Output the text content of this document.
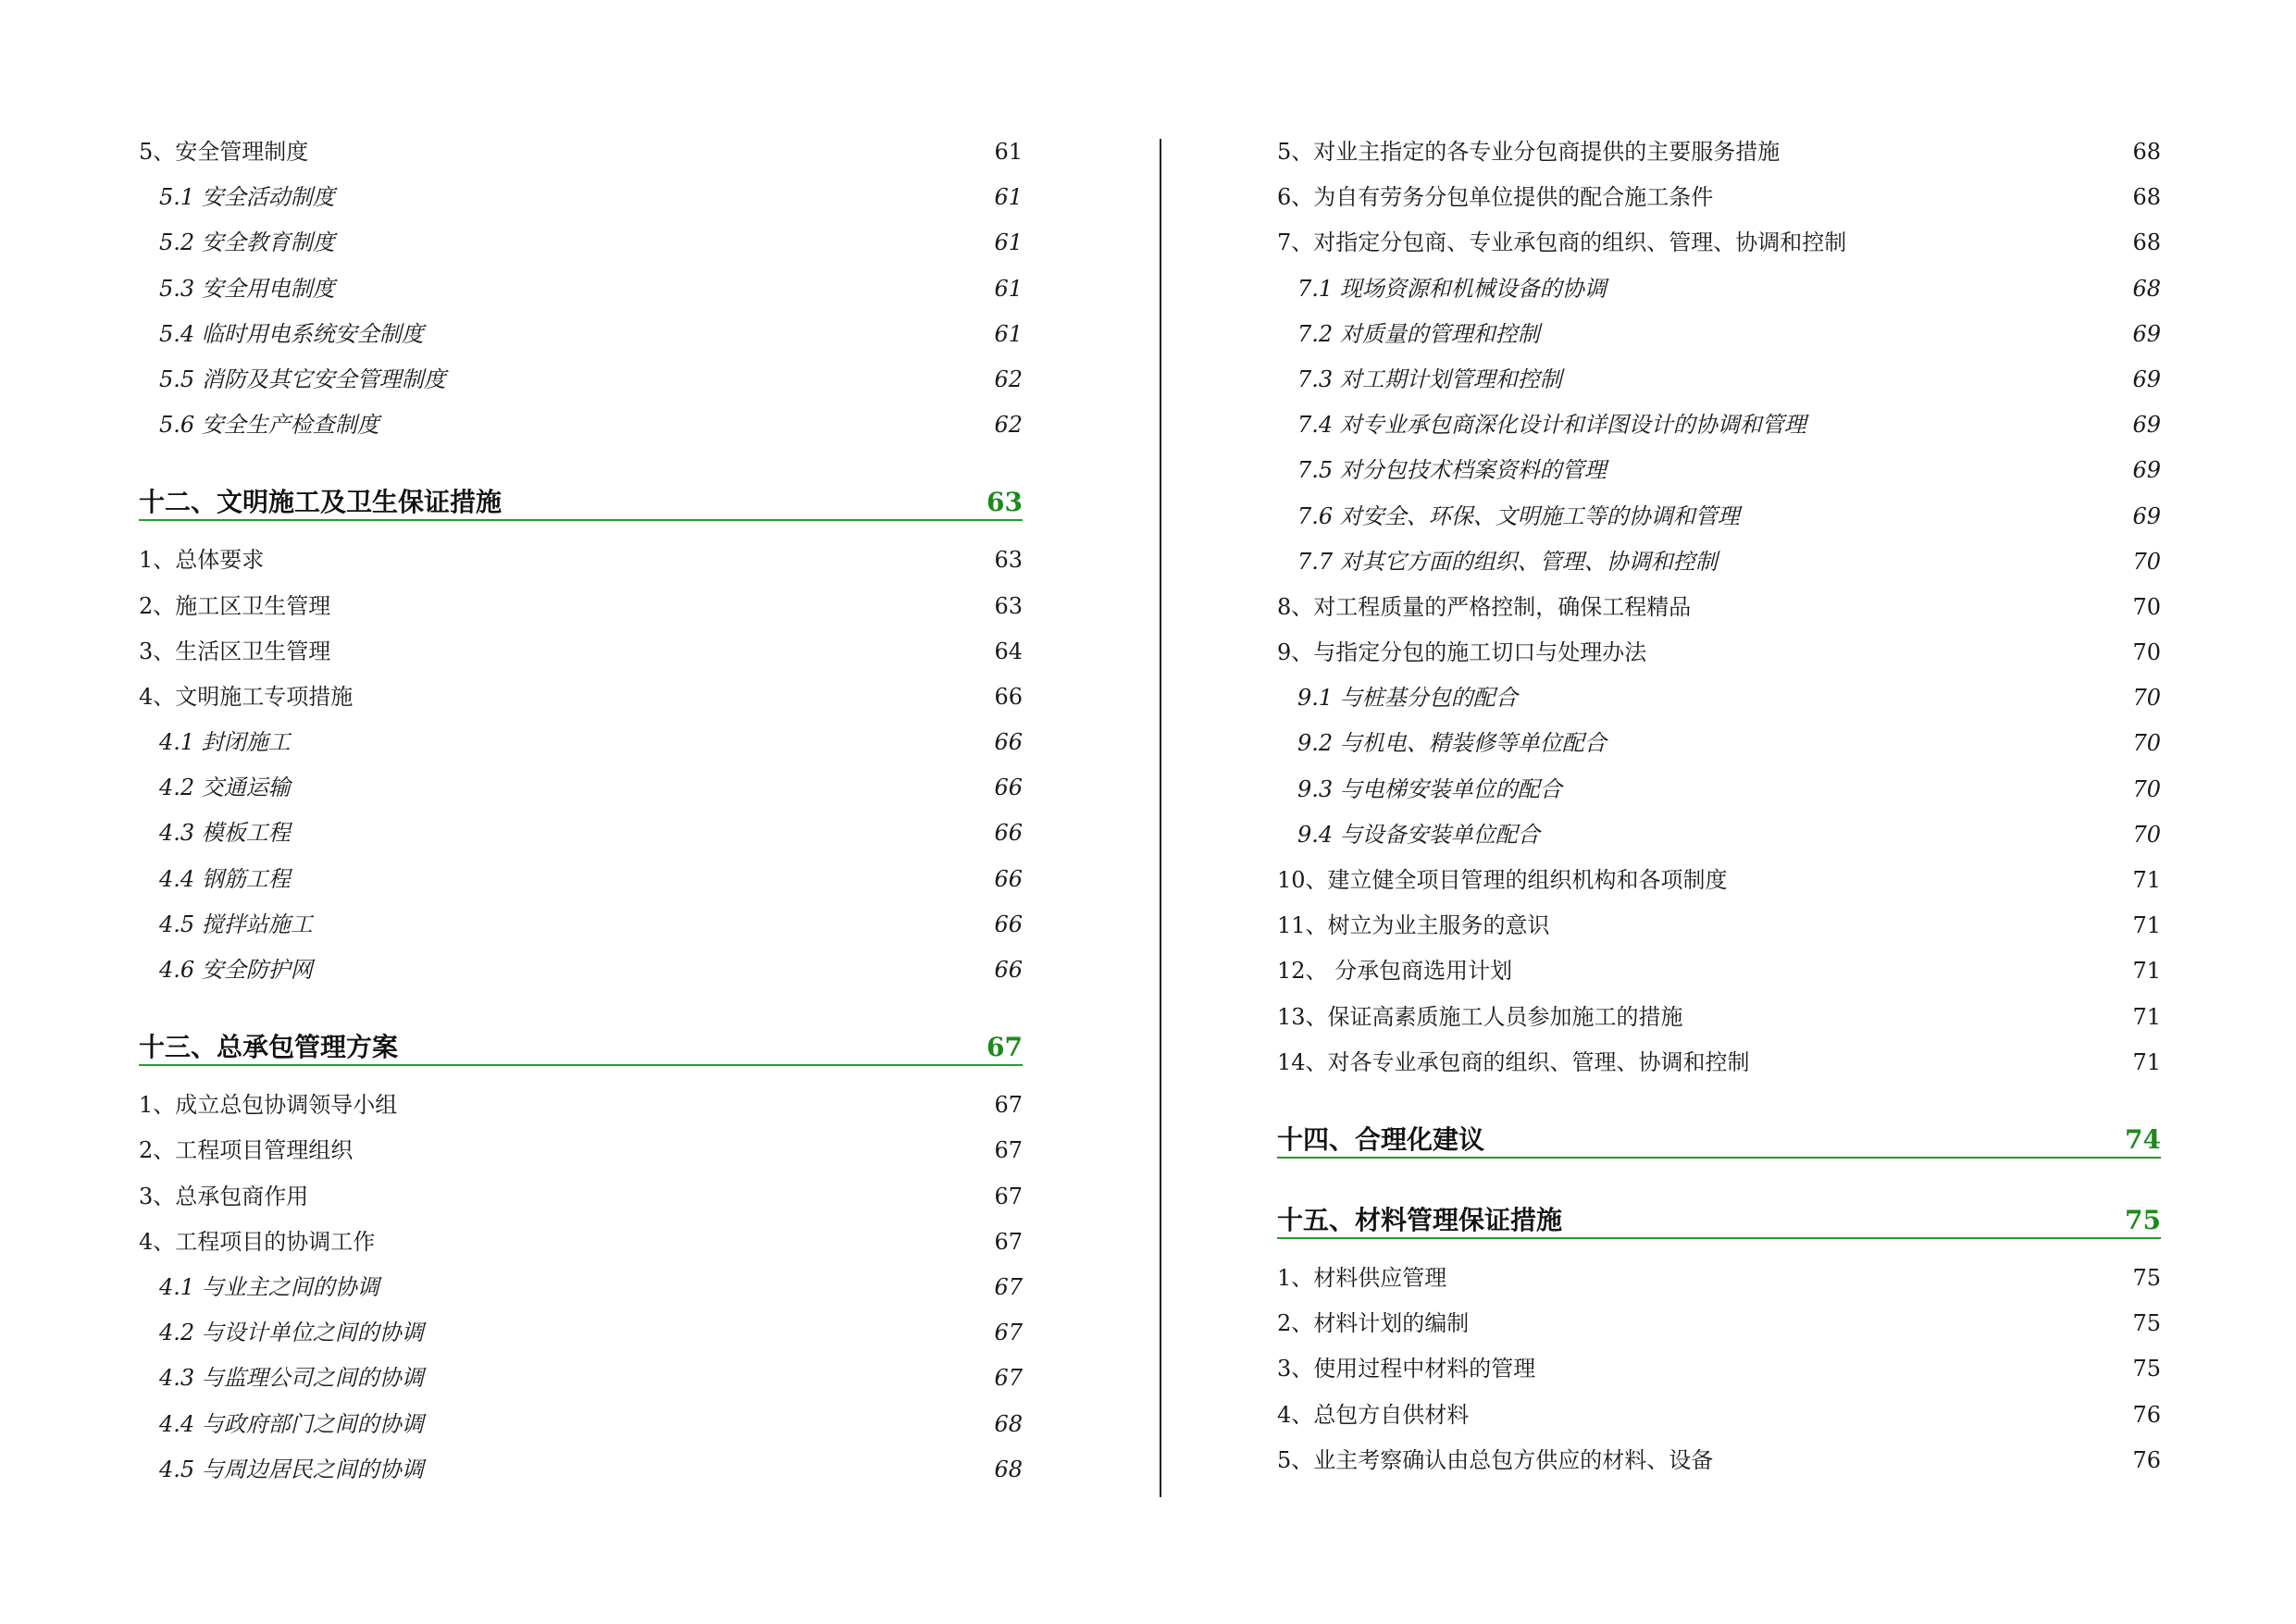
5、安全管理制度	61
5.1 安全活动制度	61
5.2 安全教育制度	61
5.3 安全用电制度	61
5.4 临时用电系统安全制度	61
5.5 消防及其它安全管理制度	62
5.6 安全生产检查制度	62
十二、文明施工及卫生保证措施	63
1、总体要求	63
2、施工区卫生管理	63
3、生活区卫生管理	64
4、文明施工专项措施	66
4.1 封闭施工	66
4.2 交通运输	66
4.3 模板工程	66
4.4 钢筋工程	66
4.5 搅拌站施工	66
4.6 安全防护网	66
十三、总承包管理方案	67
1、成立总包协调领导小组	67
2、工程项目管理组织	67
3、总承包商作用	67
4、工程项目的协调工作	67
4.1 与业主之间的协调	67
4.2 与设计单位之间的协调	67
4.3 与监理公司之间的协调	67
4.4 与政府部门之间的协调	68
4.5 与周边居民之间的协调	68
5、对业主指定的各专业分包商提供的主要服务措施	68
6、为自有劳务分包单位提供的配合施工条件	68
7、对指定分包商、专业承包商的组织、管理、协调和控制	68
7.1 现场资源和机械设备的协调	68
7.2 对质量的管理和控制	69
7.3 对工期计划管理和控制	69
7.4 对专业承包商深化设计和详图设计的协调和管理	69
7.5 对分包技术档案资料的管理	69
7.6 对安全、环保、文明施工等的协调和管理	69
7.7 对其它方面的组织、管理、协调和控制	70
8、对工程质量的严格控制，确保工程精品	70
9、与指定分包的施工切口与处理办法	70
9.1 与桩基分包的配合	70
9.2 与机电、精装修等单位配合	70
9.3 与电梯安装单位的配合	70
9.4 与设备安装单位配合	70
10、建立健全项目管理的组织机构和各项制度	71
11、树立为业主服务的意识	71
12、 分承包商选用计划	71
13、保证高素质施工人员参加施工的措施	71
14、对各专业承包商的组织、管理、协调和控制	71
十四、合理化建议	74
十五、材料管理保证措施	75
1、材料供应管理	75
2、材料计划的编制	75
3、使用过程中材料的管理	75
4、总包方自供材料	76
5、业主考察确认由总包方供应的材料、设备	76
